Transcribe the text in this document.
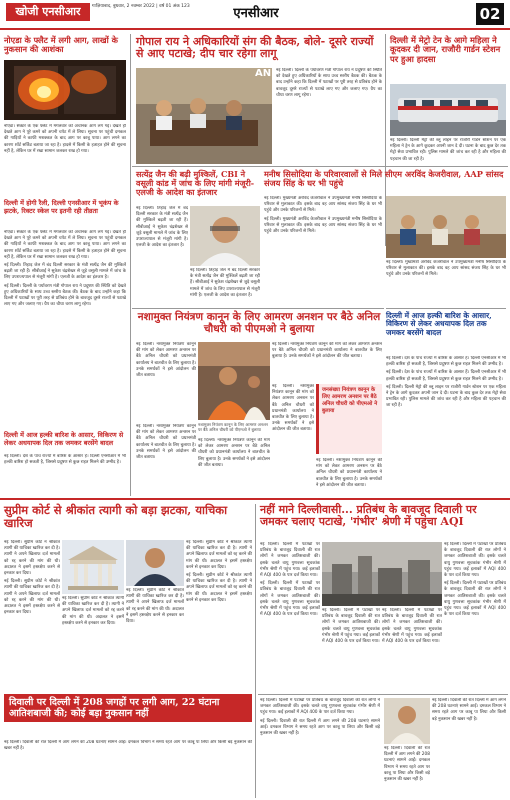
खोजी एनसीआर	गाज़ियाबाद, बुधवार, 2 नवम्बर 2022 | वर्ष 01 अंक 123	एनसीआर	02
नोएडा के फ्लैट में लगी आग, लाखों के नुकसान की आशंका

नोएडा। सेक्टर के एक फ्लैट में मंगलवार को अचानक आग लग गई। देखते ही देखते आग ने पूरे कमरे को अपनी चपेट में ले लिया। सूचना पर पहुंची दमकल की गाड़ियों ने काफी मशक्कत के बाद आग पर काबू पाया। आग लगने का कारण शॉर्ट सर्किट बताया जा रहा है। हादसे में किसी के हताहत होने की सूचना नहीं है, लेकिन घर में रखा सामान जलकर राख हो गया।

दिल्ली में होगी रैली, दिल्ली एनसीआर में भूकंप के झटके, रिक्टर स्केल पर इतनी रही तीव्रता

नोएडा। सेक्टर के एक फ्लैट में मंगलवार को अचानक आग लग गई। देखते ही देखते आग ने पूरे कमरे को अपनी चपेट में ले लिया। सूचना पर पहुंची दमकल की गाड़ियों ने काफी मशक्कत के बाद आग पर काबू पाया। आग लगने का कारण शॉर्ट सर्किट बताया जा रहा है। हादसे में किसी के हताहत होने की सूचना नहीं है, लेकिन घर में रखा सामान जलकर राख हो गया।

नई दिल्ली। तिहाड़ जेल में बंद दिल्ली सरकार के मंत्री सत्येंद्र जैन की मुश्किलें बढ़ती जा रही हैं। सीबीआई ने सुकेश चंद्रशेखर से जुड़े वसूली मामले में जांच के लिए उपराज्यपाल से मंजूरी मांगी है। एलजी के आदेश का इंतजार है।

नई दिल्ली। दिल्ली के पर्यावरण मंत्री गोपाल राय ने प्रदूषण की स्थिति को देखते हुए अधिकारियों के साथ उच्च स्तरीय बैठक की। बैठक के बाद उन्होंने कहा कि दिल्ली में पटाखों पर पूरी तरह से प्रतिबंध होने के बावजूद दूसरे राज्यों से पटाखे लाए गए और जलाए गए। ग्रैप का चौथा चरण लागू रहेगा।

दिल्ली में आज हल्की बारिश के आसार, विकिरण से लेकर अधयापक दिल तक जमकर बरसेंगे बादल

नई दिल्ली। देश के पांच राज्यों में बारिश के आसार हैं। दिल्ली एनसीआर में भी हल्की बारिश हो सकती है, जिससे प्रदूषण से कुछ राहत मिलने की उम्मीद है।

गोपाल राय ने अधिकारियों संग की बैठक, बोले- दूसरे राज्यों से आए पटाखे; दीप चार रहेगा लागू
ANI नई दिल्ली। दिल्ली के पर्यावरण मंत्री गोपाल राय ने प्रदूषण की स्थिति को देखते हुए अधिकारियों के साथ उच्च स्तरीय बैठक की। बैठक के बाद उन्होंने कहा कि दिल्ली में पटाखों पर पूरी तरह से प्रतिबंध होने के बावजूद दूसरे राज्यों से पटाखे लाए गए और जलाए गए। ग्रैप का चौथा चरण लागू रहेगा।

दिल्ली में मेट्रो टेन के आगे महिला ने कूदकर दी जान, राजौरी गार्डन स्टेशन पर हुआ हादसा

नई दिल्ली। दिल्ली मेट्रो की ब्लू लाइन पर राजौरी गार्डन स्टेशन पर एक महिला ने ट्रेन के आगे कूदकर अपनी जान दे दी। घटना के बाद कुछ देर तक मेट्रो सेवा प्रभावित रही। पुलिस मामले की जांच कर रही है और महिला की पहचान की जा रही है।

सत्येंद्र जैन की बढ़ी मुश्किलें, CBI ने वसूली कांड में जांच के लिए मांगी मंजूरी- एलजी के आदेश का इंतजार

नई दिल्ली। तिहाड़ जेल में बंद दिल्ली सरकार के मंत्री सत्येंद्र जैन की मुश्किलें बढ़ती जा रही हैं। सीबीआई ने सुकेश चंद्रशेखर से जुड़े वसूली मामले में जांच के लिए उपराज्यपाल से मंजूरी मांगी है। एलजी के आदेश का इंतजार है।

नई दिल्ली। तिहाड़ जेल में बंद दिल्ली सरकार के मंत्री सत्येंद्र जैन की मुश्किलें बढ़ती जा रही हैं। सीबीआई ने सुकेश चंद्रशेखर से जुड़े वसूली मामले में जांच के लिए उपराज्यपाल से मंजूरी मांगी है। एलजी के आदेश का इंतजार है।

मनीष सिसोदिया के परिवारवालों से मिले सीएम अरविंद केजरीवाल, AAP सांसद संजय सिंह के घर भी पहुंचे

नई दिल्ली। मुख्यमंत्री अरविंद केजरीवाल ने उपमुख्यमंत्री मनीष सिसोदिया के परिवार से मुलाकात की। इसके बाद वह आप सांसद संजय सिंह के घर भी पहुंचे और उनके परिजनों से मिले।

नई दिल्ली। मुख्यमंत्री अरविंद केजरीवाल ने उपमुख्यमंत्री मनीष सिसोदिया के परिवार से मुलाकात की। इसके बाद वह आप सांसद संजय सिंह के घर भी पहुंचे और उनके परिजनों से मिले।

नई दिल्ली। मुख्यमंत्री अरविंद केजरीवाल ने उपमुख्यमंत्री मनीष सिसोदिया के परिवार से मुलाकात की। इसके बाद वह आप सांसद संजय सिंह के घर भी पहुंचे और उनके परिजनों से मिले।

दिल्ली में आज हल्की बारिश के आसार, विकिरण से लेकर अधयापक दिल तक जमकर बरसेंगे बादल

नई दिल्ली। देश के पांच राज्यों में बारिश के आसार हैं। दिल्ली एनसीआर में भी हल्की बारिश हो सकती है, जिससे प्रदूषण से कुछ राहत मिलने की उम्मीद है।

नई दिल्ली। देश के पांच राज्यों में बारिश के आसार हैं। दिल्ली एनसीआर में भी हल्की बारिश हो सकती है, जिससे प्रदूषण से कुछ राहत मिलने की उम्मीद है।

नई दिल्ली। दिल्ली मेट्रो की ब्लू लाइन पर राजौरी गार्डन स्टेशन पर एक महिला ने ट्रेन के आगे कूदकर अपनी जान दे दी। घटना के बाद कुछ देर तक मेट्रो सेवा प्रभावित रही। पुलिस मामले की जांच कर रही है और महिला की पहचान की जा रही है।

नशामुक्त नियंत्रण कानून के लिए आमरण अनशन पर बैठे अनिल चौधरी को पीएमओ ने बुलाया

नई दिल्ली। नशामुक्त नियंत्रण कानून की मांग को लेकर आमरण अनशन पर बैठे अनिल चौधरी को प्रधानमंत्री कार्यालय ने बातचीत के लिए बुलाया है। उनके समर्थकों ने इसे आंदोलन की जीत बताया।

नशामुक्त नियंत्रण कानून के लिए आमरण अनशन पर बैठे अनिल चौधरी को पीएमओ ने बुलाया

नई दिल्ली। नशामुक्त नियंत्रण कानून की मांग को लेकर आमरण अनशन पर बैठे अनिल चौधरी को प्रधानमंत्री कार्यालय ने बातचीत के लिए बुलाया है। उनके समर्थकों ने इसे आंदोलन की जीत बताया।

जनसंख्या नियंत्रण कानून के लिए आमरण अनशन पर बैठे अनिल चौधरी को पीएमओ ने बुलाया

नई दिल्ली। नशामुक्त नियंत्रण कानून की मांग को लेकर आमरण अनशन पर बैठे अनिल चौधरी को प्रधानमंत्री कार्यालय ने बातचीत के लिए बुलाया है। उनके समर्थकों ने इसे आंदोलन की जीत बताया।

नई दिल्ली। नशामुक्त नियंत्रण कानून की मांग को लेकर आमरण अनशन पर बैठे अनिल चौधरी को प्रधानमंत्री कार्यालय ने बातचीत के लिए बुलाया है। उनके समर्थकों ने इसे आंदोलन की जीत बताया।

नई दिल्ली। नशामुक्त नियंत्रण कानून की मांग को लेकर आमरण अनशन पर बैठे अनिल चौधरी को प्रधानमंत्री कार्यालय ने बातचीत के लिए बुलाया है। उनके समर्थकों ने इसे आंदोलन की जीत बताया।

नई दिल्ली। नशामुक्त नियंत्रण कानून की मांग को लेकर आमरण अनशन पर बैठे अनिल चौधरी को प्रधानमंत्री कार्यालय ने बातचीत के लिए बुलाया है। उनके समर्थकों ने इसे आंदोलन की जीत बताया।

सुप्रीम कोर्ट से श्रीकांत त्यागी को बड़ा झटका, याचिका खारिज

नई दिल्ली। सुप्रीम कोर्ट ने श्रीकांत त्यागी की याचिका खारिज कर दी है। त्यागी ने अपने खिलाफ दर्ज मामलों को रद्द करने की मांग की थी। अदालत ने इसमें हस्तक्षेप करने से इनकार कर दिया।

नई दिल्ली। सुप्रीम कोर्ट ने श्रीकांत त्यागी की याचिका खारिज कर दी है। त्यागी ने अपने खिलाफ दर्ज मामलों को रद्द करने की मांग की थी। अदालत ने इसमें हस्तक्षेप करने से इनकार कर दिया।

नई दिल्ली। सुप्रीम कोर्ट ने श्रीकांत त्यागी की याचिका खारिज कर दी है। त्यागी ने अपने खिलाफ दर्ज मामलों को रद्द करने की मांग की थी। अदालत ने इसमें हस्तक्षेप करने से इनकार कर दिया।

नई दिल्ली। सुप्रीम कोर्ट ने श्रीकांत त्यागी की याचिका खारिज कर दी है। त्यागी ने अपने खिलाफ दर्ज मामलों को रद्द करने की मांग की थी। अदालत ने इसमें हस्तक्षेप करने से इनकार कर दिया।

नई दिल्ली। सुप्रीम कोर्ट ने श्रीकांत त्यागी की याचिका खारिज कर दी है। त्यागी ने अपने खिलाफ दर्ज मामलों को रद्द करने की मांग की थी। अदालत ने इसमें हस्तक्षेप करने से इनकार कर दिया।

नई दिल्ली। सुप्रीम कोर्ट ने श्रीकांत त्यागी की याचिका खारिज कर दी है। त्यागी ने अपने खिलाफ दर्ज मामलों को रद्द करने की मांग की थी। अदालत ने इसमें हस्तक्षेप करने से इनकार कर दिया।

दिवाली पर दिल्ली में 208 जगहों पर लगी आग, 22 घंटाना आतिशबाजी की; कोई बड़ा नुकसान नहीं

नई दिल्ली। दिवाली की रात दिल्ली में आग लगने की 208 घटनाएं सामने आईं। दमकल विभाग ने समय रहते आग पर काबू पा लिया और किसी बड़े नुकसान की खबर नहीं है।

नहीं माने दिल्लीवासी... प्रतिबंध के बावजूद दिवाली पर जमकर चलाए पटाखे, 'गंभीर' श्रेणी में पहुंचा AQI

नई दिल्ली। दिल्ली में पटाखों पर प्रतिबंध के बावजूद दिवाली की रात लोगों ने जमकर आतिशबाजी की। इसके चलते वायु गुणवत्ता सूचकांक गंभीर श्रेणी में पहुंच गया। कई इलाकों में AQI 400 के पार दर्ज किया गया।

नई दिल्ली। दिल्ली में पटाखों पर प्रतिबंध के बावजूद दिवाली की रात लोगों ने जमकर आतिशबाजी की। इसके चलते वायु गुणवत्ता सूचकांक गंभीर श्रेणी में पहुंच गया। कई इलाकों में AQI 400 के पार दर्ज किया गया।

नई दिल्ली। दिल्ली में पटाखों पर प्रतिबंध के बावजूद दिवाली की रात लोगों ने जमकर आतिशबाजी की। इसके चलते वायु गुणवत्ता सूचकांक गंभीर श्रेणी में पहुंच गया। कई इलाकों में AQI 400 के पार दर्ज किया गया।

नई दिल्ली। दिल्ली में पटाखों पर प्रतिबंध के बावजूद दिवाली की रात लोगों ने जमकर आतिशबाजी की। इसके चलते वायु गुणवत्ता सूचकांक गंभीर श्रेणी में पहुंच गया। कई इलाकों में AQI 400 के पार दर्ज किया गया।

नई दिल्ली। दिल्ली में पटाखों पर प्रतिबंध के बावजूद दिवाली की रात लोगों ने जमकर आतिशबाजी की। इसके चलते वायु गुणवत्ता सूचकांक गंभीर श्रेणी में पहुंच गया। कई इलाकों में AQI 400 के पार दर्ज किया गया।

नई दिल्ली। दिल्ली में पटाखों पर प्रतिबंध के बावजूद दिवाली की रात लोगों ने जमकर आतिशबाजी की। इसके चलते वायु गुणवत्ता सूचकांक गंभीर श्रेणी में पहुंच गया। कई इलाकों में AQI 400 के पार दर्ज किया गया।

नई दिल्ली। दिल्ली में पटाखों पर प्रतिबंध के बावजूद दिवाली की रात लोगों ने जमकर आतिशबाजी की। इसके चलते वायु गुणवत्ता सूचकांक गंभीर श्रेणी में पहुंच गया। कई इलाकों में AQI 400 के पार दर्ज किया गया।

नई दिल्ली। दिवाली की रात दिल्ली में आग लगने की 208 घटनाएं सामने आईं। दमकल विभाग ने समय रहते आग पर काबू पा लिया और किसी बड़े नुकसान की खबर नहीं है।

नई दिल्ली। दिवाली की रात दिल्ली में आग लगने की 208 घटनाएं सामने आईं। दमकल विभाग ने समय रहते आग पर काबू पा लिया और किसी बड़े नुकसान की खबर नहीं है।

नई दिल्ली। दिवाली की रात दिल्ली में आग लगने की 208 घटनाएं सामने आईं। दमकल विभाग ने समय रहते आग पर काबू पा लिया और किसी बड़े नुकसान की खबर नहीं है।
